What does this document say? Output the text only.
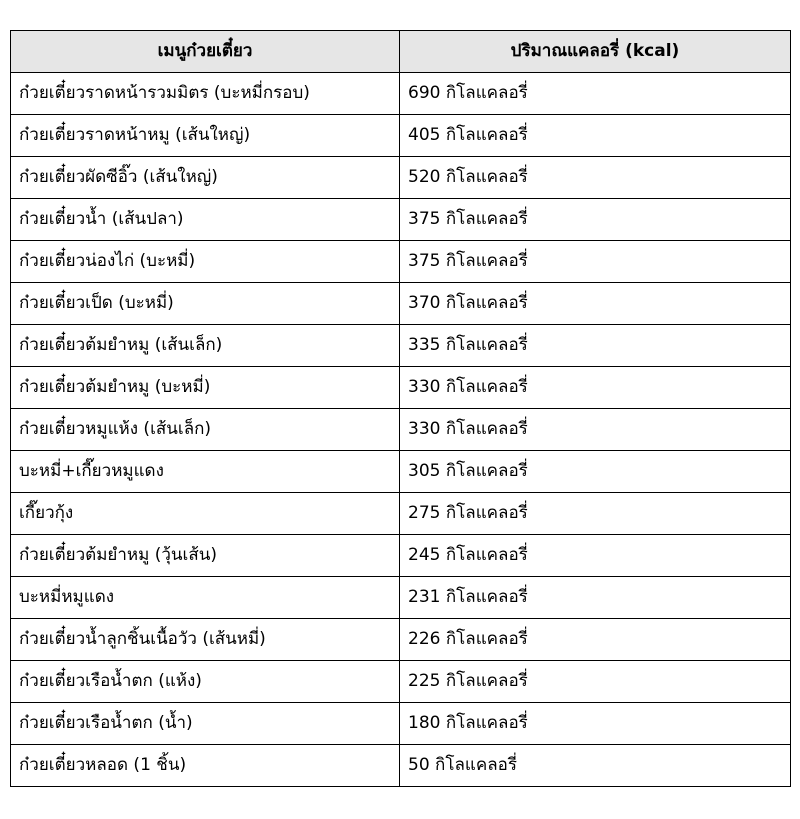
เมนูก๋วยเตี๋ยว	ปริมาณแคลอรี่ (kcal)
ก๋วยเตี๋ยวราดหน้ารวมมิตร (บะหมี่กรอบ)	690 กิโลแคลอรี่
ก๋วยเตี๋ยวราดหน้าหมู (เส้นใหญ่)	405 กิโลแคลอรี่
ก๋วยเตี๋ยวผัดซีอิ๊ว (เส้นใหญ่)	520 กิโลแคลอรี่
ก๋วยเตี๋ยวน้ำ (เส้นปลา)	375 กิโลแคลอรี่
ก๋วยเตี๋ยวน่องไก่ (บะหมี่)	375 กิโลแคลอรี่
ก๋วยเตี๋ยวเป็ด (บะหมี่)	370 กิโลแคลอรี่
ก๋วยเตี๋ยวต้มยำหมู (เส้นเล็ก)	335 กิโลแคลอรี่
ก๋วยเตี๋ยวต้มยำหมู (บะหมี่)	330 กิโลแคลอรี่
ก๋วยเตี๋ยวหมูแห้ง (เส้นเล็ก)	330 กิโลแคลอรี่
บะหมี่+เกี๊ยวหมูแดง	305 กิโลแคลอรี่
เกี๊ยวกุ้ง	275 กิโลแคลอรี่
ก๋วยเตี๋ยวต้มยำหมู (วุ้นเส้น)	245 กิโลแคลอรี่
บะหมี่หมูแดง	231 กิโลแคลอรี่
ก๋วยเตี๋ยวน้ำลูกชิ้นเนื้อวัว (เส้นหมี่)	226 กิโลแคลอรี่
ก๋วยเตี๋ยวเรือน้ำตก (แห้ง)	225 กิโลแคลอรี่
ก๋วยเตี๋ยวเรือน้ำตก (น้ำ)	180 กิโลแคลอรี่
ก๋วยเตี๋ยวหลอด (1 ชิ้น)	50 กิโลแคลอรี่
